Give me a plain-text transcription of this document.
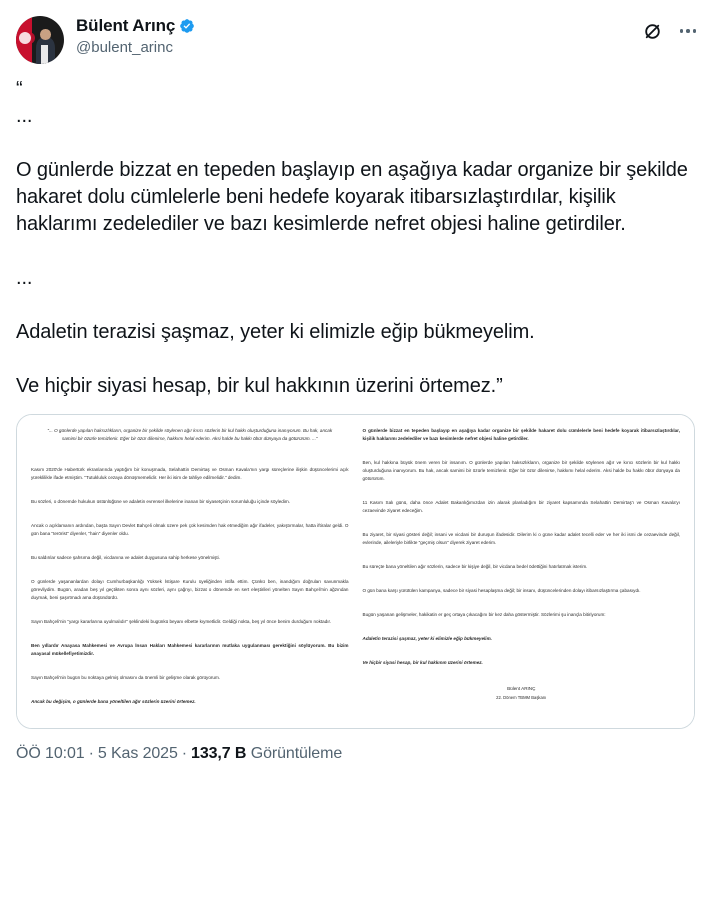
Bülent Arınç
@bulent_arinc

“

...

O günlerde bizzat en tepeden başlayıp en aşağıya kadar organize bir şekilde hakaret dolu cümlelerle beni hedefe koyarak itibarsızlaştırdılar, kişilik haklarımı zedelediler ve bazı kesimlerde nefret objesi haline getirdiler.

...

Adaletin terazisi şaşmaz, yeter ki elimizle eğip bükmeyelim.

Ve hiçbir siyasi hesap, bir kul hakkının üzerini örtemez.”

"... O günlerde yapılan haksızlıkların, organize bir şekilde söylenen ağır kırıcı sözlerin bir kul hakkı oluşturduğuna inanıyorum. Bu hak, ancak samimi bir özürle temizlenir. Eğer bir özür dilenirse, hakkımı helal ederim. Aksi halde bu hakkı öbür dünyaya da götürürüm. ..."

Kasım 2020'de Habertürk ekranlarında yaptığım bir konuşmada, Selahattin Demirtaş ve Osman Kavala'nın yargı süreçlerine ilişkin düşüncelerimi açık yüreklilikle ifade etmiştim. "Tutukluluk cezaya dönüşmemelidir. Her iki isim de tahliye edilmelidir." dedim.

Bu sözleri, o dönemde hukukun üstünlüğüne ve adaletin evrensel ilkelerine inanan bir siyasetçinin sorumluluğu içinde söyledim.

Ancak o açıklamanın ardından, başta Sayın Devlet Bahçeli olmak üzere pek çok kesimden hak etmediğim ağır ifadeler, yakıştırmalar, hatta iftiralar geldi. O gün bana "terörist" diyenler, "hain" diyenler oldu.

Bu saldırılar sadece şahsıma değil, vicdanına ve adalet duygusuna sahip herkese yönelmişti.

O günlerde yaşananlardan dolayı Cumhurbaşkanlığı Yüksek İstişare Kurulu üyeliğinden istifa ettim. Çünkü ben, inandığım doğruları savunmakla görevliydim. Bugün, aradan beş yıl geçtikten sonra aynı sözleri, aynı çağrıyı, bizzat o dönemde en sert eleştirileri yönelten Sayın Bahçeli'nin ağzından duymak, beni şaşırtmadı ama düşündürdü.

Sayın Bahçeli'nin "yargı kararlarına uyulmalıdır" şeklindeki bugünkü beyanı elbette kıymetlidir. Geldiği nokta, beş yıl önce benim durduğum noktadır.

Ben yıllardır Anayasa Mahkemesi ve Avrupa İnsan Hakları Mahkemesi kararlarının mutlaka uygulanması gerektiğini söylüyorum. Bu bizim anayasal mükellefiyetimizdir.

Sayın Bahçeli'nin bugün bu noktaya gelmiş olmasını da önemli bir gelişme olarak görüyorum.

Ancak bu değişim, o günlerde bana yöneltilen ağır sözlerin üzerini örtemez.

O günlerde bizzat en tepeden başlayıp en aşağıya kadar organize bir şekilde hakaret dolu cümlelerle beni hedefe koyarak itibarsızlaştırdılar, kişilik haklarımı zedelediler ve bazı kesimlerde nefret objesi haline getirdiler.

Ben, kul hakkına büyük önem veren bir insanım. O günlerde yapılan haksızlıkların, organize bir şekilde söylenen ağır ve kırıcı sözlerin bir kul hakkı oluşturduğuna inanıyorum. Bu hak, ancak samimi bir özürle temizlenir. Eğer bir özür dilenirse, hakkımı helal ederim. Aksi halde bu hakkı öbür dünyaya da götürürüm.

11 Kasım Salı günü, daha önce Adalet Bakanlığımızdan izin alarak planladığım bir ziyaret kapsamında Selahattin Demirtaş'ı ve Osman Kavala'yı cezaevinde ziyaret edeceğim.

Bu ziyaret, bir siyasi gösteri değil; insani ve vicdani bir duruşun ifadesidir. Dilerim ki o güne kadar adalet tecelli eder ve her iki ismi de cezaevinde değil, evlerinde, aileleriyle birlikte "geçmiş olsun" diyerek ziyaret ederim.

Bu süreçte bana yöneltilen ağır sözlerin, sadece bir kişiye değil, bir vicdana bedel ödettiğini hatırlatmak isterim.

O gün bana karşı yürütülen kampanya, sadece bir siyasi hesaplaşma değil; bir insanı, düşüncelerinden dolayı itibarsızlaştırma çabasıydı.

Bugün yaşanan gelişmeler, hakikatin er geç ortaya çıkacağını bir kez daha göstermiştir. Sözlerimi şu inançla bitiriyorum:

Adaletin terazisi şaşmaz, yeter ki elimizle eğip bükmeyelim.

Ve hiçbir siyasi hesap, bir kul hakkının üzerini örtemez.

Bülent ARINÇ

22. Dönem TBMM Başkanı

ÖÖ 10:01 · 5 Kas 2025 · 133,7 B Görüntüleme
